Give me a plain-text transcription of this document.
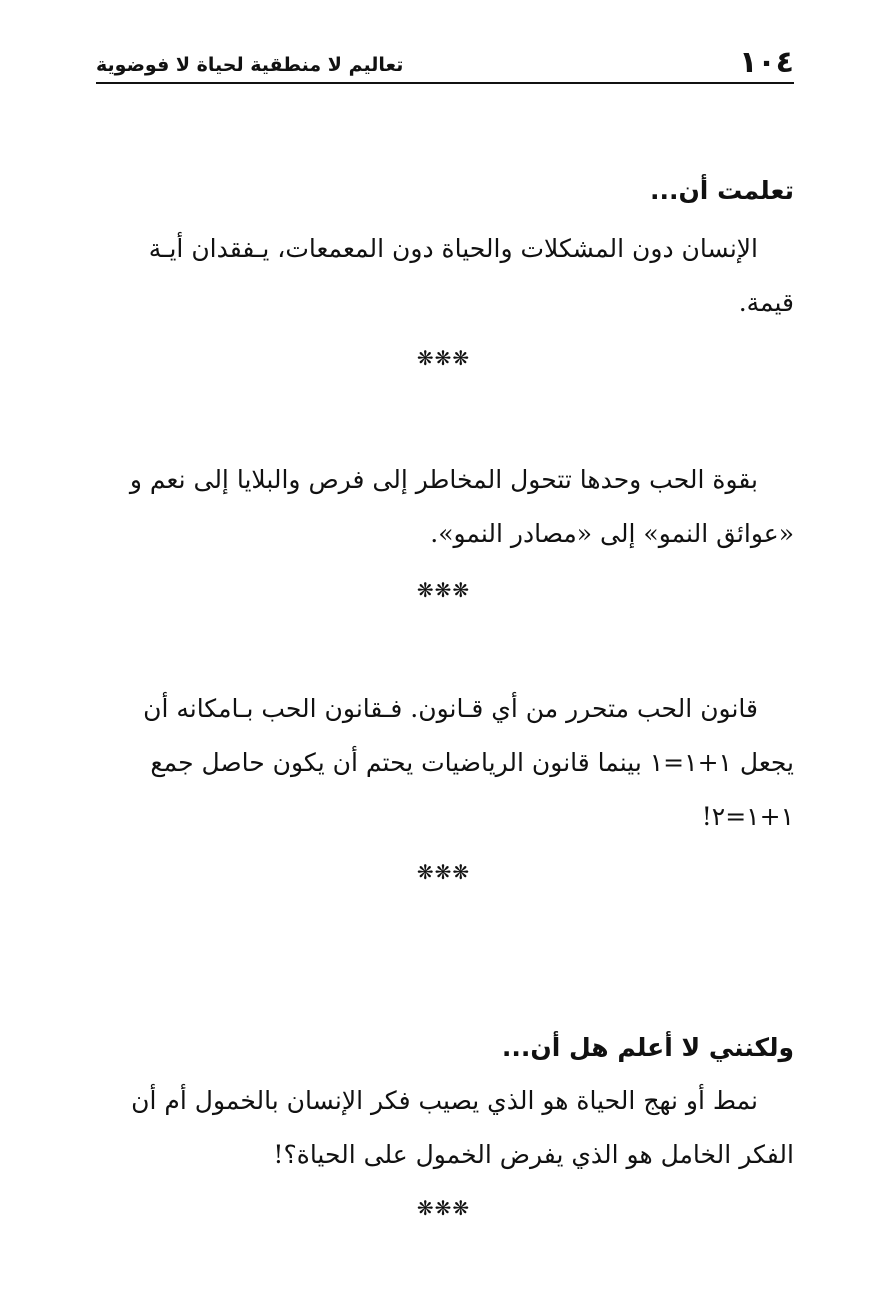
١٠٤
تعاليم لا منطقية لحياة لا فوضوية
تعلمت أن...
الإنسان دون المشكلات والحياة دون المعمعات، يـفقدان أيـة
قيمة.
❋❋❋
بقوة الحب وحدها تتحول المخاطر إلى فرص والبلايا إلى نعم و
«عوائق النمو» إلى «مصادر النمو».
❋❋❋
قانون الحب متحرر من أي قـانون. فـقانون الحب بـامكانه أن
يجعل ١+١=١ بينما قانون الرياضيات يحتم أن يكون حاصل جمع
١+١=٢!
❋❋❋
ولكنني لا أعلم هل أن...
نمط أو نهج الحياة هو الذي يصيب فكر الإنسان بالخمول أم أن
الفكر الخامل هو الذي يفرض الخمول على الحياة؟!
❋❋❋
